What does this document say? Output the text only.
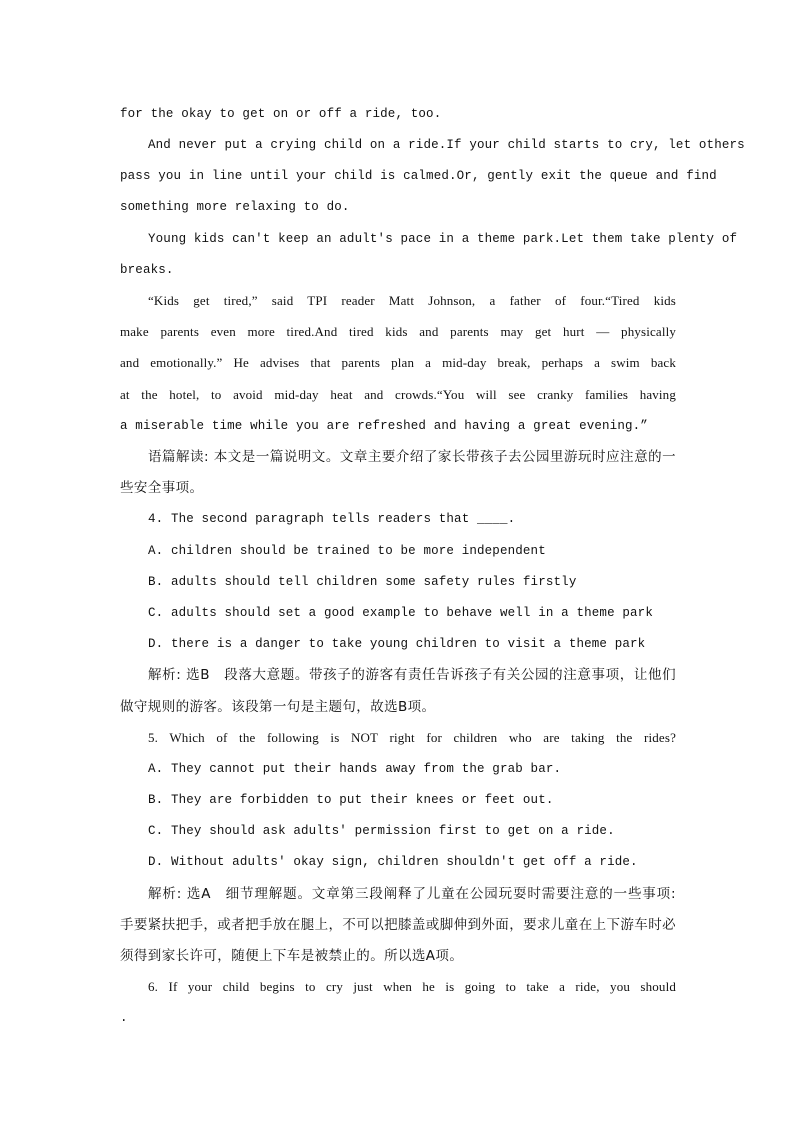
for the okay to get on or off a ride, too.
And never put a crying child on a ride.If your child starts to cry, let others
pass you in line until your child is calmed.Or, gently exit the queue and find
something more relaxing to do.
Young kids can't keep an adult's pace in a theme park.Let them take plenty of
breaks.
“Kids get tired,” said TPI reader Matt Johnson, a father of four.“Tired kids
make parents even more tired.And tired kids and parents may get hurt — physically
and emotionally.” He advises that parents plan a mid-day break, perhaps a swim back
at the hotel, to avoid mid-day heat and crowds.“You will see cranky families having
a miserable time while you are refreshed and having a great evening.”
语篇解读: 本文是一篇说明文。文章主要介绍了家长带孩子去公园里游玩时应注意的一
些安全事项。
4. The second paragraph tells readers that ____.
A. children should be trained to be more independent
B. adults should tell children some safety rules firstly
C. adults should set a good example to behave well in a theme park
D. there is a danger to take young children to visit a theme park
解析: 选B　段落大意题。带孩子的游客有责任告诉孩子有关公园的注意事项，让他们
做守规则的游客。该段第一句是主题句，故选B项。
5. Which of the following is NOT right for children who are taking the rides?
A. They cannot put their hands away from the grab bar.
B. They are forbidden to put their knees or feet out.
C. They should ask adults' permission first to get on a ride.
D. Without adults' okay sign, children shouldn't get off a ride.
解析: 选A　细节理解题。文章第三段阐释了儿童在公园玩耍时需要注意的一些事项:
手要紧扶把手，或者把手放在腿上，不可以把膝盖或脚伸到外面，要求儿童在上下游车时必
须得到家长许可，随便上下车是被禁止的。所以选A项。
6. If your child begins to cry just when he is going to take a ride, you should
.
